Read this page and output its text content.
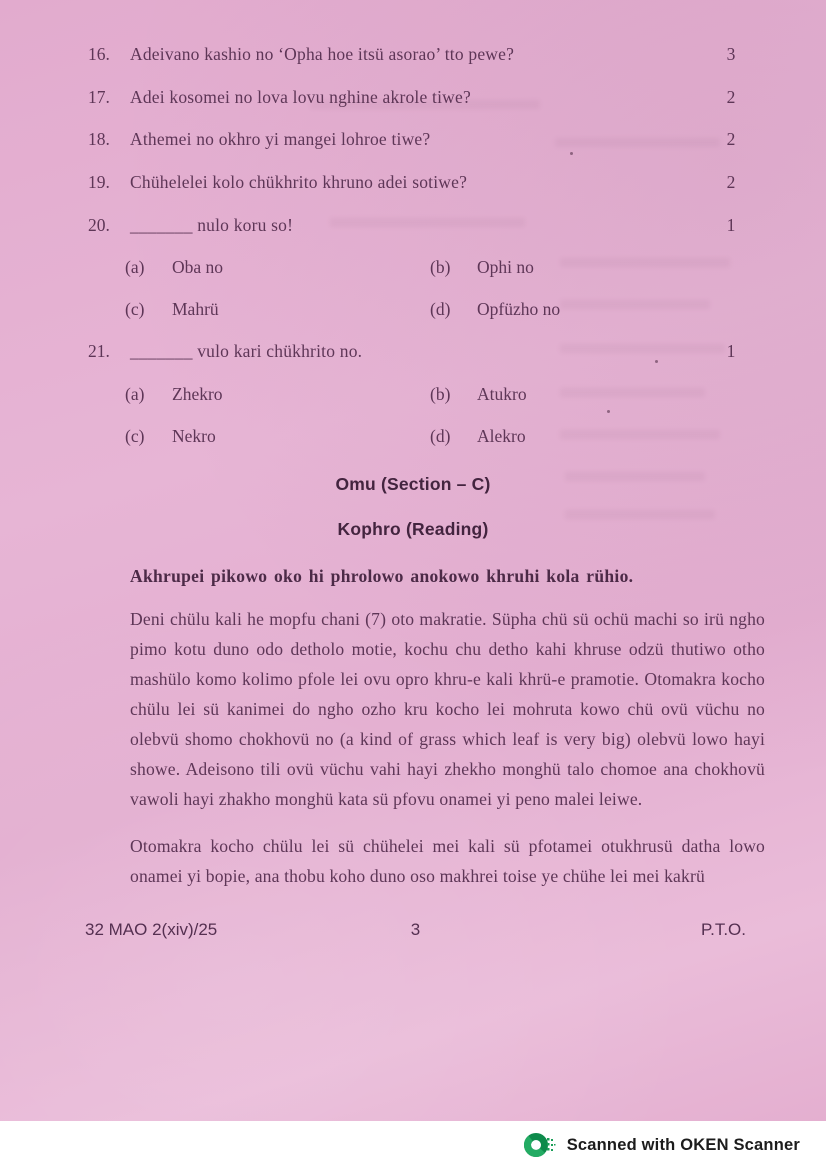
16.	Adeivano kashio no ‘Opha hoe itsü asorao’ tto pewe?	3
17.	Adei kosomei no lova lovu nghine akrole tiwe?	2
18.	Athemei no okhro yi mangei lohroe tiwe?	2
19.	Chühelelei kolo chükhrito khruno adei sotiwe?	2
20.	_______ nulo koru so!	1
(a)	Oba no	(b)	Ophi no
(c)	Mahrü	(d)	Opfüzho no
21.	_______ vulo kari chükhrito no.	1
(a)	Zhekro	(b)	Atukro
(c)	Nekro	(d)	Alekro
Omu (Section – C)
Kophro (Reading)
Akhrupei pikowo oko hi phrolowo anokowo khruhi kola rühio.
Deni chülu kali he mopfu chani (7) oto makratie. Süpha chü sü ochü machi so irü ngho pimo kotu duno odo detholo motie, kochu chu detho kahi khruse odzü thutiwo otho mashülo komo kolimo pfole lei ovu opro khru-e kali khrü-e pramotie. Otomakra kocho chülu lei sü kanimei do ngho ozho kru kocho lei mohruta kowo chü ovü vüchu no olebvü shomo chokhovü no (a kind of grass which leaf is very big) olebvü lowo hayi showe. Adeisono tili ovü vüchu vahi hayi zhekho monghü talo chomoe ana chokhovü vawoli hayi zhakho monghü kata sü pfovu onamei yi peno malei leiwe.
Otomakra kocho chülu lei sü chühelei mei kali sü pfotamei otukhrusü datha lowo onamei yi bopie, ana thobu koho duno oso makhrei toise ye chühe lei mei kakrü
32 MAO 2(xiv)/25	3	P.T.O.
Scanned with OKEN Scanner
